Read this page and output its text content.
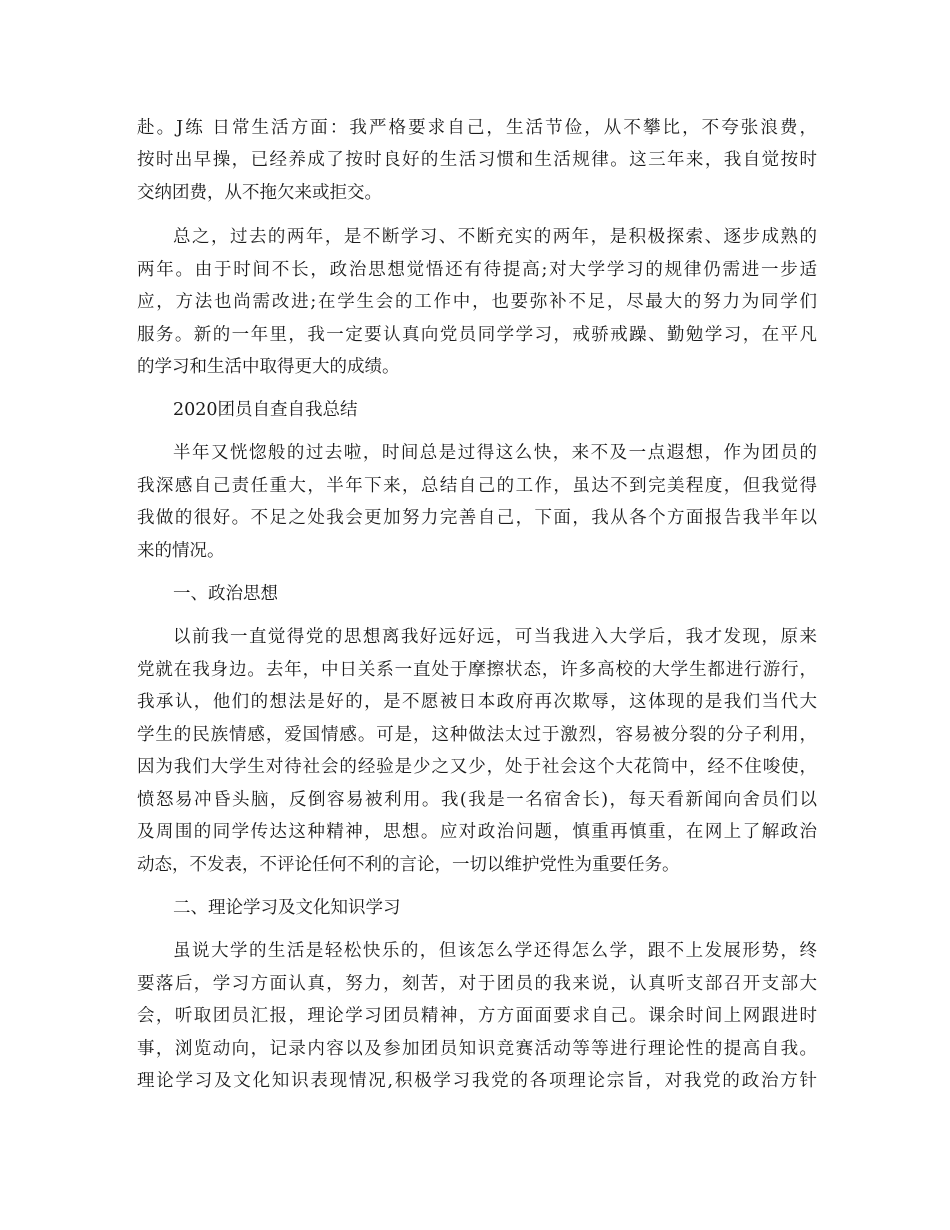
赴。J练 日常生活方面：我严格要求自己，生活节俭，从不攀比，不夸张浪费，
按时出早操，已经养成了按时良好的生活习惯和生活规律。这三年来，我自觉按时
交纳团费，从不拖欠来或拒交。
总之，过去的两年，是不断学习、不断充实的两年，是积极探索、逐步成熟的
两年。由于时间不长，政治思想觉悟还有待提高;对大学学习的规律仍需进一步适
应，方法也尚需改进;在学生会的工作中，也要弥补不足，尽最大的努力为同学们
服务。新的一年里，我一定要认真向党员同学学习，戒骄戒躁、勤勉学习，在平凡
的学习和生活中取得更大的成绩。
2020团员自查自我总结
半年又恍惚般的过去啦，时间总是过得这么快，来不及一点遐想，作为团员的
我深感自己责任重大，半年下来，总结自己的工作，虽达不到完美程度，但我觉得
我做的很好。不足之处我会更加努力完善自己，下面，我从各个方面报告我半年以
来的情况。
一、政治思想
以前我一直觉得党的思想离我好远好远，可当我进入大学后，我才发现，原来
党就在我身边。去年，中日关系一直处于摩擦状态，许多高校的大学生都进行游行，
我承认，他们的想法是好的，是不愿被日本政府再次欺辱，这体现的是我们当代大
学生的民族情感，爱国情感。可是，这种做法太过于激烈，容易被分裂的分子利用，
因为我们大学生对待社会的经验是少之又少，处于社会这个大花筒中，经不住唆使，
愤怒易冲昏头脑，反倒容易被利用。我(我是一名宿舍长)，每天看新闻向舍员们以
及周围的同学传达这种精神，思想。应对政治问题，慎重再慎重，在网上了解政治
动态，不发表，不评论任何不利的言论，一切以维护党性为重要任务。
二、理论学习及文化知识学习
虽说大学的生活是轻松快乐的，但该怎么学还得怎么学，跟不上发展形势，终
要落后，学习方面认真，努力，刻苦，对于团员的我来说，认真听支部召开支部大
会，听取团员汇报，理论学习团员精神，方方面面要求自己。课余时间上网跟进时
事，浏览动向，记录内容以及参加团员知识竞赛活动等等进行理论性的提高自我。
理论学习及文化知识表现情况,积极学习我党的各项理论宗旨，对我党的政治方针
